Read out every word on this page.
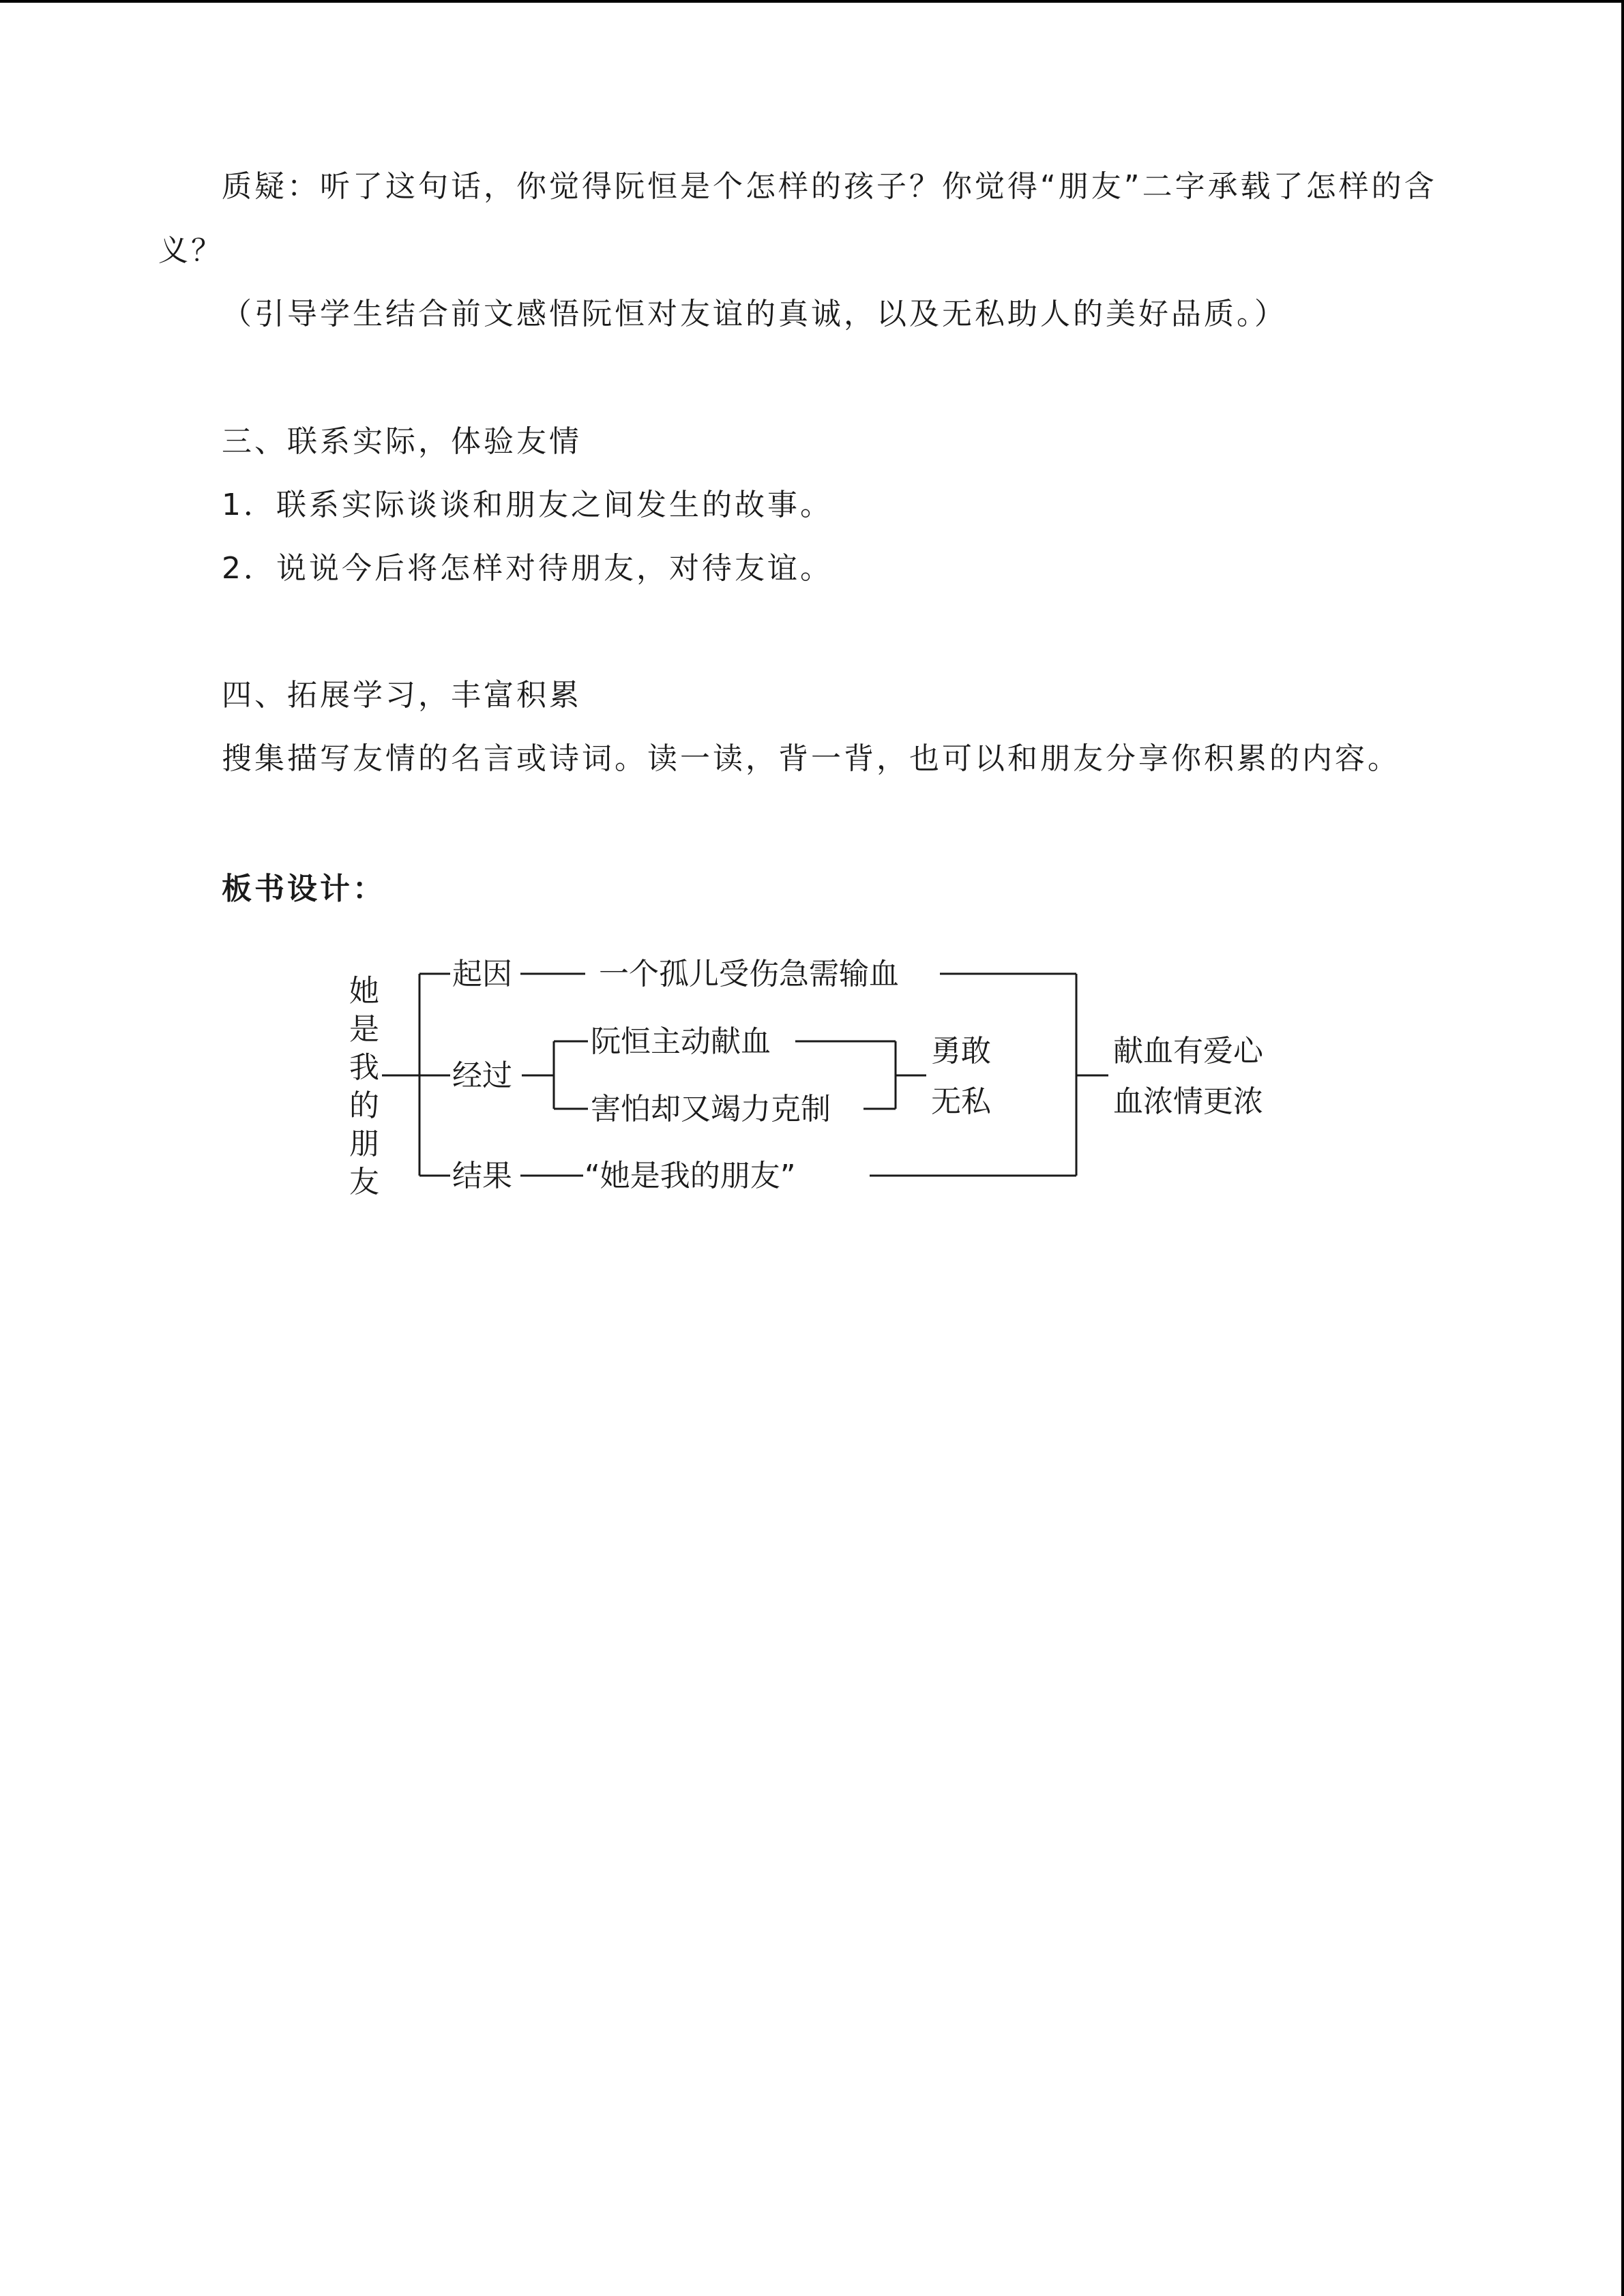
质疑：听了这句话，你觉得阮恒是个怎样的孩子？你觉得“朋友”二字承载了怎样的含
义？
（引导学生结合前文感悟阮恒对友谊的真诚，以及无私助人的美好品质。）
三、联系实际，体验友情
1．联系实际谈谈和朋友之间发生的故事。
2．说说今后将怎样对待朋友，对待友谊。
四、拓展学习，丰富积累
搜集描写友情的名言或诗词。读一读，背一背，也可以和朋友分享你积累的内容。
板书设计：
她
是
我
的
朋
友
起因	一个孤儿受伤急需输血
经过
阮恒主动献血
害怕却又竭力克制
勇敢
无私
结果 “她是我的朋友”
献血有爱心
血浓情更浓
